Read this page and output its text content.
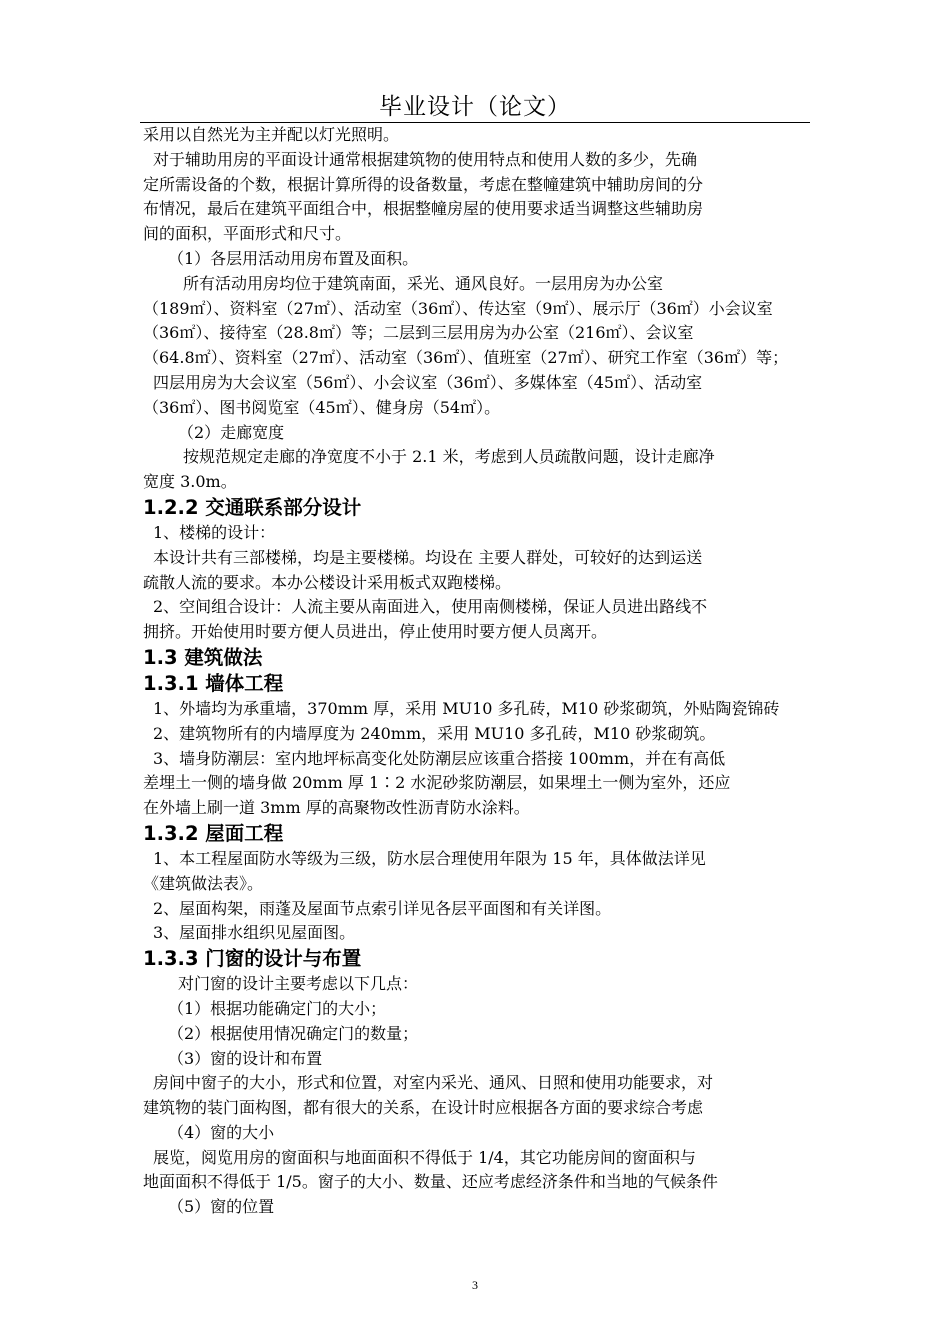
毕业设计（论文）
采用以自然光为主并配以灯光照明。
对于辅助用房的平面设计通常根据建筑物的使用特点和使用人数的多少，先确
定所需设备的个数，根据计算所得的设备数量，考虑在整幢建筑中辅助房间的分
布情况，最后在建筑平面组合中，根据整幢房屋的使用要求适当调整这些辅助房
间的面积，平面形式和尺寸。
（1）各层用活动用房布置及面积。
所有活动用房均位于建筑南面，采光、通风良好。一层用房为办公室
（189㎡）、资料室（27㎡）、活动室（36㎡）、传达室（9㎡）、展示厅（36㎡）小会议室
（36㎡）、接待室（28.8㎡）等；二层到三层用房为办公室（216㎡）、会议室
（64.8㎡）、资料室（27㎡）、活动室（36㎡）、值班室（27㎡）、研究工作室（36㎡）等；
四层用房为大会议室（56㎡）、小会议室（36㎡）、多媒体室（45㎡）、活动室
（36㎡）、图书阅览室（45㎡）、健身房（54㎡）。
（2）走廊宽度
按规范规定走廊的净宽度不小于 2.1 米，考虑到人员疏散问题，设计走廊净
宽度 3.0m。
1.2.2 交通联系部分设计
1、楼梯的设计：
本设计共有三部楼梯，均是主要楼梯。均设在 主要人群处，可较好的达到运送
疏散人流的要求。本办公楼设计采用板式双跑楼梯。
2、空间组合设计：人流主要从南面进入，使用南侧楼梯，保证人员进出路线不
拥挤。开始使用时要方便人员进出，停止使用时要方便人员离开。
1.3 建筑做法
1.3.1 墙体工程
1、外墙均为承重墙，370mm 厚，采用 MU10 多孔砖，M10 砂浆砌筑，外贴陶瓷锦砖
2、建筑物所有的内墙厚度为 240mm，采用 MU10 多孔砖，M10 砂浆砌筑。
3、墙身防潮层：室内地坪标高变化处防潮层应该重合搭接 100mm，并在有高低
差埋土一侧的墙身做 20mm 厚 1∶2 水泥砂浆防潮层，如果埋土一侧为室外，还应
在外墙上刷一道 3mm 厚的高聚物改性沥青防水涂料。
1.3.2 屋面工程
1、本工程屋面防水等级为三级，防水层合理使用年限为 15 年，具体做法详见
《建筑做法表》。
2、屋面构架，雨蓬及屋面节点索引详见各层平面图和有关详图。
3、屋面排水组织见屋面图。
1.3.3 门窗的设计与布置
对门窗的设计主要考虑以下几点：
（1）根据功能确定门的大小；
（2）根据使用情况确定门的数量；
（3）窗的设计和布置
房间中窗子的大小，形式和位置，对室内采光、通风、日照和使用功能要求，对
建筑物的装门面构图，都有很大的关系，在设计时应根据各方面的要求综合考虑
（4）窗的大小
展览，阅览用房的窗面积与地面面积不得低于 1/4，其它功能房间的窗面积与
地面面积不得低于 1/5。窗子的大小、数量、还应考虑经济条件和当地的气候条件
（5）窗的位置
3
